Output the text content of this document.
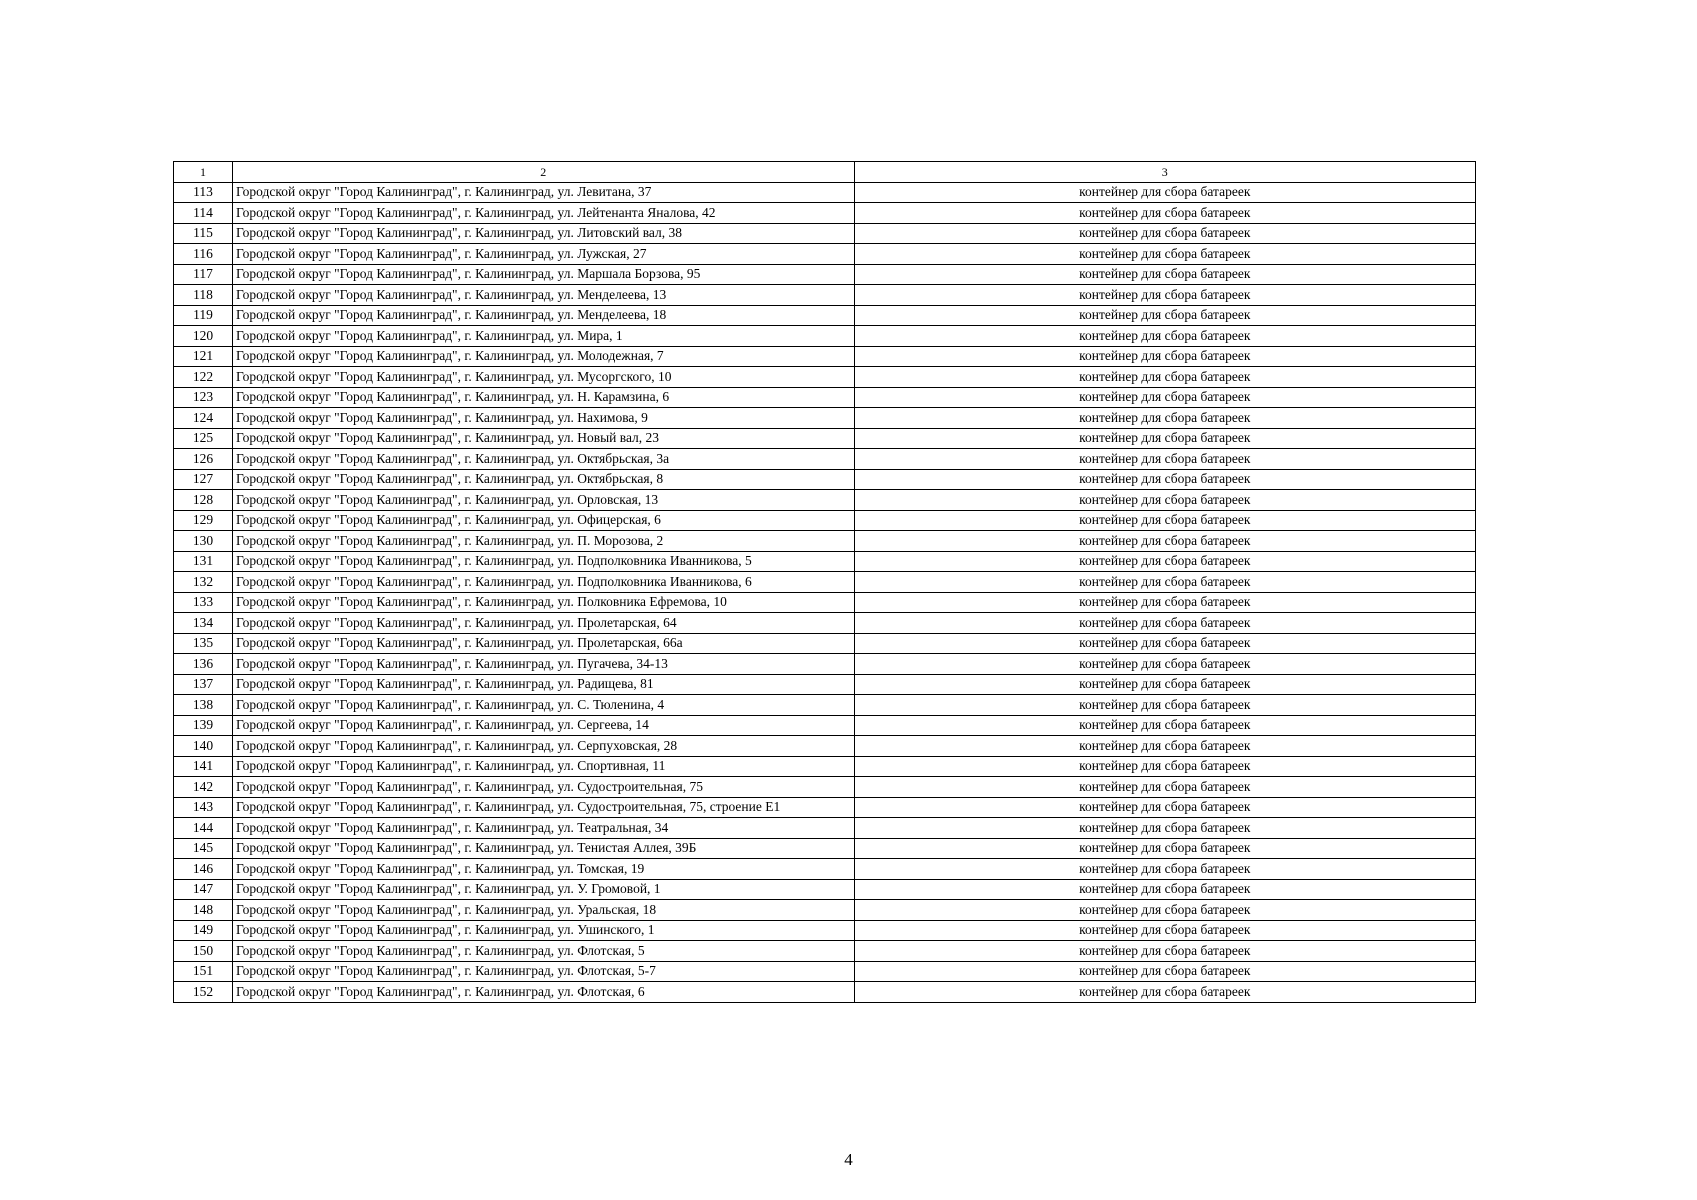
1	2	3
113	Городской округ "Город Калининград", г. Калининград, ул. Левитана, 37	контейнер для сбора батареек
114	Городской округ "Город Калининград", г. Калининград, ул. Лейтенанта Яналова, 42	контейнер для сбора батареек
115	Городской округ "Город Калининград", г. Калининград, ул. Литовский вал, 38	контейнер для сбора батареек
116	Городской округ "Город Калининград", г. Калининград, ул. Лужская, 27	контейнер для сбора батареек
117	Городской округ "Город Калининград", г. Калининград, ул. Маршала Борзова, 95	контейнер для сбора батареек
118	Городской округ "Город Калининград", г. Калининград, ул. Менделеева, 13	контейнер для сбора батареек
119	Городской округ "Город Калининград", г. Калининград, ул. Менделеева, 18	контейнер для сбора батареек
120	Городской округ "Город Калининград", г. Калининград, ул. Мира, 1	контейнер для сбора батареек
121	Городской округ "Город Калининград", г. Калининград, ул. Молодежная, 7	контейнер для сбора батареек
122	Городской округ "Город Калининград", г. Калининград, ул. Мусоргского, 10	контейнер для сбора батареек
123	Городской округ "Город Калининград", г. Калининград, ул. Н. Карамзина, 6	контейнер для сбора батареек
124	Городской округ "Город Калининград", г. Калининград, ул. Нахимова, 9	контейнер для сбора батареек
125	Городской округ "Город Калининград", г. Калининград, ул. Новый вал, 23	контейнер для сбора батареек
126	Городской округ "Город Калининград", г. Калининград, ул. Октябрьская, 3а	контейнер для сбора батареек
127	Городской округ "Город Калининград", г. Калининград, ул. Октябрьская, 8	контейнер для сбора батареек
128	Городской округ "Город Калининград", г. Калининград, ул. Орловская, 13	контейнер для сбора батареек
129	Городской округ "Город Калининград", г. Калининград, ул. Офицерская, 6	контейнер для сбора батареек
130	Городской округ "Город Калининград", г. Калининград, ул. П. Морозова, 2	контейнер для сбора батареек
131	Городской округ "Город Калининград", г. Калининград, ул. Подполковника Иванникова, 5	контейнер для сбора батареек
132	Городской округ "Город Калининград", г. Калининград, ул. Подполковника Иванникова, 6	контейнер для сбора батареек
133	Городской округ "Город Калининград", г. Калининград, ул. Полковника Ефремова, 10	контейнер для сбора батареек
134	Городской округ "Город Калининград", г. Калининград, ул. Пролетарская, 64	контейнер для сбора батареек
135	Городской округ "Город Калининград", г. Калининград, ул. Пролетарская, 66а	контейнер для сбора батареек
136	Городской округ "Город Калининград", г. Калининград, ул. Пугачева, 34-13	контейнер для сбора батареек
137	Городской округ "Город Калининград", г. Калининград, ул. Радищева, 81	контейнер для сбора батареек
138	Городской округ "Город Калининград", г. Калининград, ул. С. Тюленина, 4	контейнер для сбора батареек
139	Городской округ "Город Калининград", г. Калининград, ул. Сергеева, 14	контейнер для сбора батареек
140	Городской округ "Город Калининград", г. Калининград, ул. Серпуховская, 28	контейнер для сбора батареек
141	Городской округ "Город Калининград", г. Калининград, ул. Спортивная, 11	контейнер для сбора батареек
142	Городской округ "Город Калининград", г. Калининград, ул. Судостроительная, 75	контейнер для сбора батареек
143	Городской округ "Город Калининград", г. Калининград, ул. Судостроительная, 75, строение Е1	контейнер для сбора батареек
144	Городской округ "Город Калининград", г. Калининград, ул. Театральная, 34	контейнер для сбора батареек
145	Городской округ "Город Калининград", г. Калининград, ул. Тенистая Аллея, 39Б	контейнер для сбора батареек
146	Городской округ "Город Калининград", г. Калининград, ул. Томская, 19	контейнер для сбора батареек
147	Городской округ "Город Калининград", г. Калининград, ул. У. Громовой, 1	контейнер для сбора батареек
148	Городской округ "Город Калининград", г. Калининград, ул. Уральская, 18	контейнер для сбора батареек
149	Городской округ "Город Калининград", г. Калининград, ул. Ушинского, 1	контейнер для сбора батареек
150	Городской округ "Город Калининград", г. Калининград, ул. Флотская, 5	контейнер для сбора батареек
151	Городской округ "Город Калининград", г. Калининград, ул. Флотская, 5-7	контейнер для сбора батареек
152	Городской округ "Город Калининград", г. Калининград, ул. Флотская, 6	контейнер для сбора батареек
4
